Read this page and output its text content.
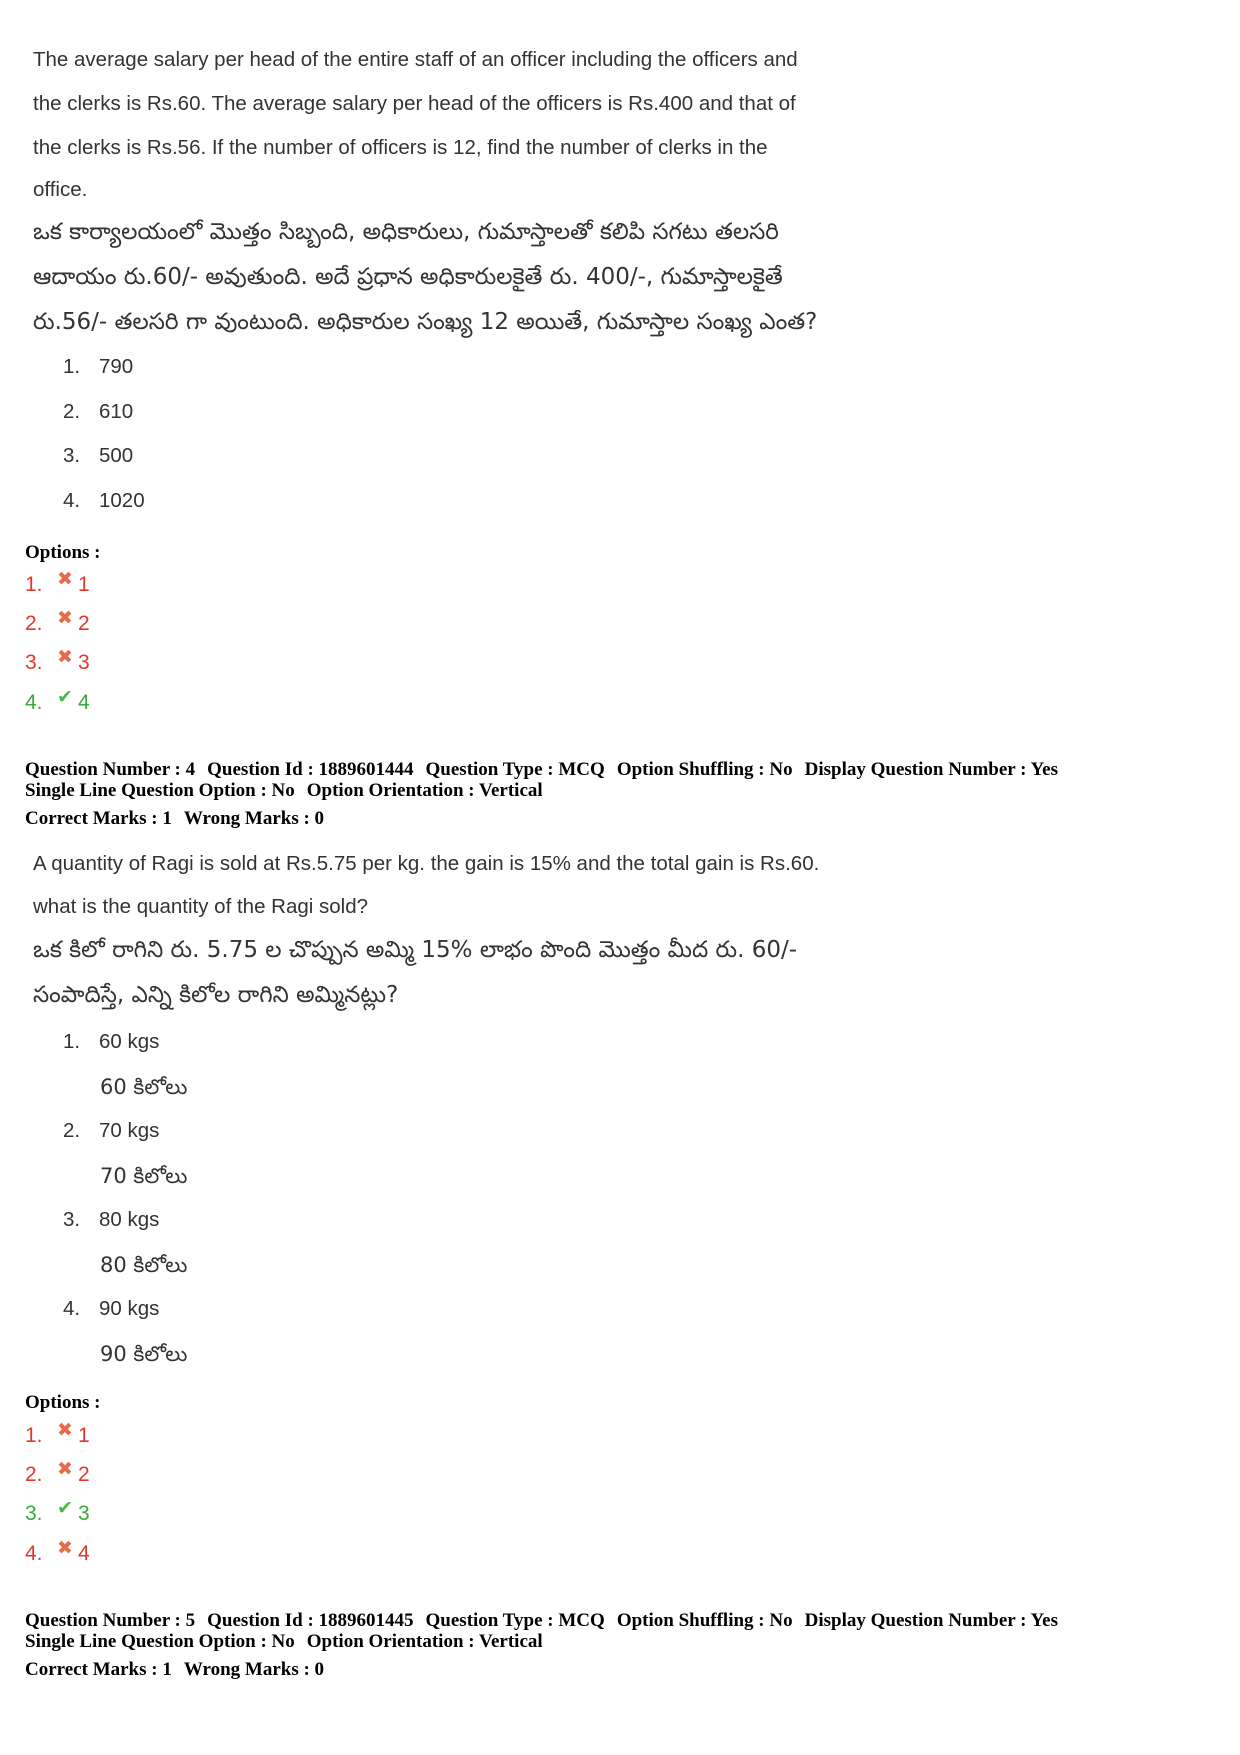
The average salary per head of the entire staff of an officer including the officers and
the clerks is Rs.60. The average salary per head of the officers is Rs.400 and that of
the clerks is Rs.56. If the number of officers is 12, find the number of clerks in the
office.
ఒక కార్యాలయంలో మొత్తం సిబ్బంది, అధికారులు, గుమాస్తాలతో కలిపి సగటు తలసరి
ఆదాయం రు.60/- అవుతుంది. అదే ప్రధాన అధికారులకైతే రు. 400/-, గుమాస్తాలకైతే
రు.56/- తలసరి గా వుంటుంది. అధికారుల సంఖ్య 12 అయితే, గుమాస్తాల సంఖ్య ఎంత?
1. 790
2. 610
3. 500
4. 1020
Options :
1. ✖ 1
2. ✖ 2
3. ✖ 3
4. ✔ 4
Question Number : 4 Question Id : 1889601444 Question Type : MCQ Option Shuffling : No Display Question Number : Yes
Single Line Question Option : No Option Orientation : Vertical
Correct Marks : 1 Wrong Marks : 0
A quantity of Ragi is sold at Rs.5.75 per kg. the gain is 15% and the total gain is Rs.60.
what is the quantity of the Ragi sold?
ఒక కిలో రాగిని రు. 5.75 ల చొప్పున అమ్మి 15% లాభం పొంది మొత్తం మీద రు. 60/-
సంపాదిస్తే, ఎన్ని కిలోల రాగిని అమ్మినట్లు?
1. 60 kgs
60 కిలోలు
2. 70 kgs
70 కిలోలు
3. 80 kgs
80 కిలోలు
4. 90 kgs
90 కిలోలు
Options :
1. ✖ 1
2. ✖ 2
3. ✔ 3
4. ✖ 4
Question Number : 5 Question Id : 1889601445 Question Type : MCQ Option Shuffling : No Display Question Number : Yes
Single Line Question Option : No Option Orientation : Vertical
Correct Marks : 1 Wrong Marks : 0
